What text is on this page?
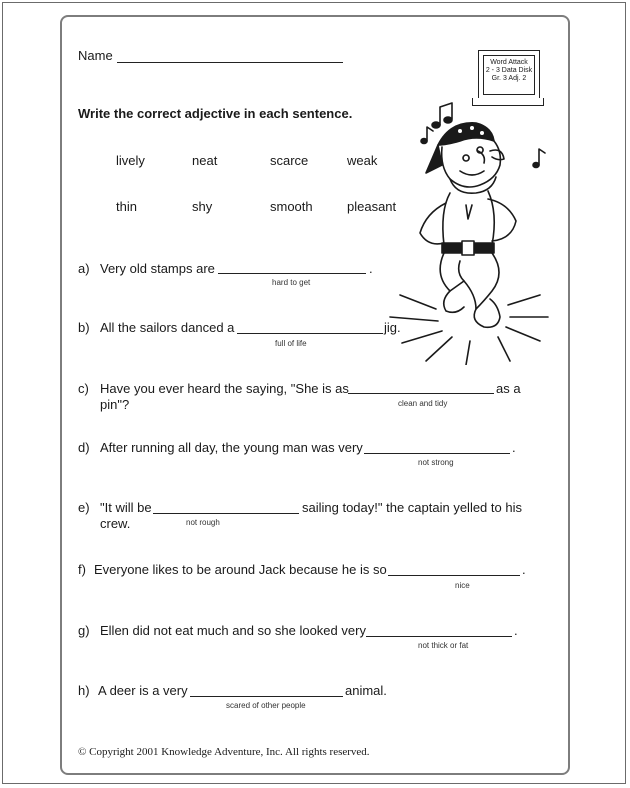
Name
Write the correct adjective in each sentence.
Word Attack
2 - 3 Data Disk
Gr. 3 Adj. 2
lively	neat	scarce	weak
thin	shy	smooth	pleasant
a) Very old stamps are	.
hard to get
b) All the sailors danced a	jig.
full of life
c) Have you ever heard the saying, "She is as	as a
pin"?	clean and tidy
d) After running all day, the young man was very	.
not strong
e) "It will be	sailing today!" the captain yelled to his
crew.	not rough
f) Everyone likes to be around Jack because he is so	.
nice
g) Ellen did not eat much and so she looked very	.
not thick or fat
h) A deer is a very	animal.
scared of other people
© Copyright 2001 Knowledge Adventure, Inc. All rights reserved.
